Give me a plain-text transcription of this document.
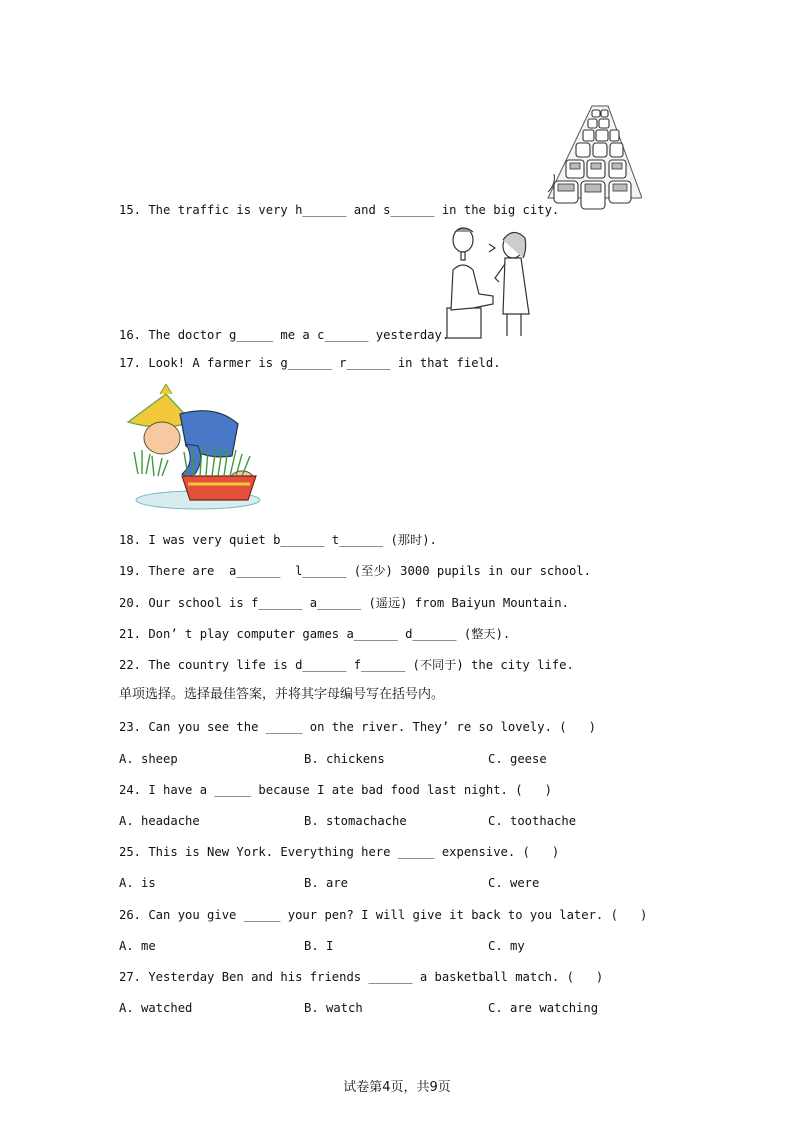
15. The traffic is very h______ and s______ in the big city.
16. The doctor g_____ me a c______ yesterday.
17. Look! A farmer is g______ r______ in that field.
18. I was very quiet b______ t______ (那时).
19. There are  a______  l______ (至少) 3000 pupils in our school.
20. Our school is f______ a______ (遥远) from Baiyun Mountain.
21. Don’ t play computer games a______ d______ (整天).
22. The country life is d______ f______ (不同于) the city life.
单项选择。选择最佳答案，并将其字母编号写在括号内。
23. Can you see the _____ on the river. They’ re so lovely. (   )
A. sheep	B. chickens	C. geese
24. I have a _____ because I ate bad food last night. (   )
A. headache	B. stomachache	C. toothache
25. This is New York. Everything here _____ expensive. (   )
A. is	B. are	C. were
26. Can you give _____ your pen? I will give it back to you later. (   )
A. me	B. I	C. my
27. Yesterday Ben and his friends ______ a basketball match. (   )
A. watched	B. watch	C. are watching
试卷第4页，共9页
